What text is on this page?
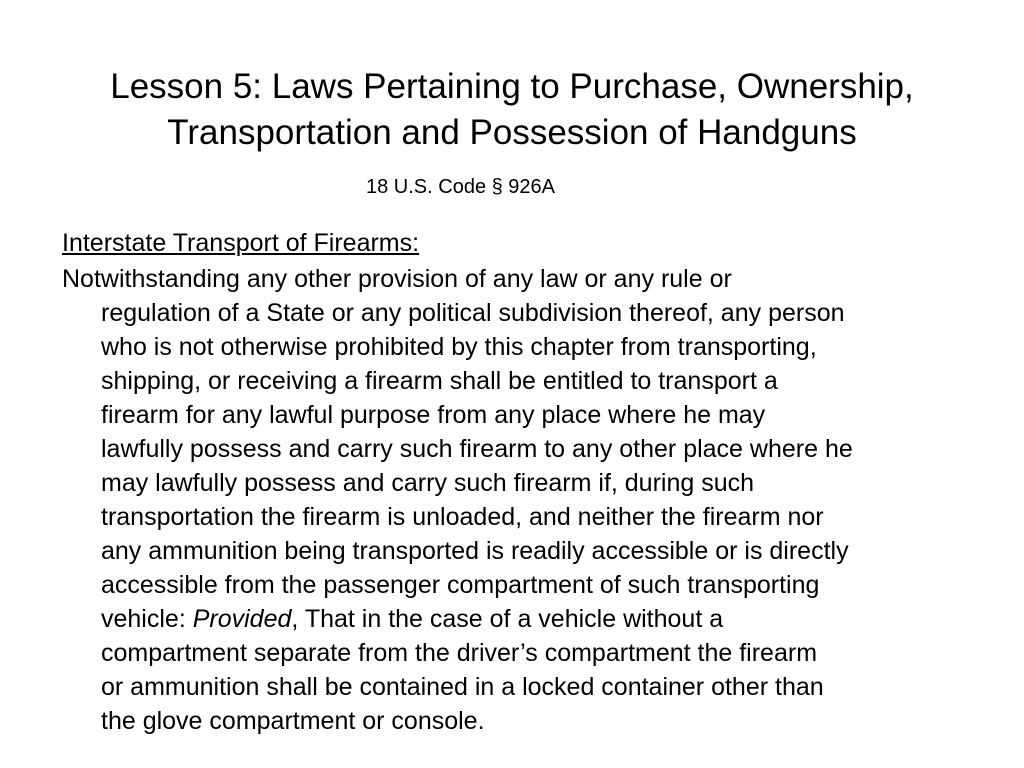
Lesson 5: Laws Pertaining to Purchase, Ownership,
Transportation and Possession of Handguns
18 U.S. Code § 926A
Interstate Transport of Firearms:
Notwithstanding any other provision of any law or any rule or
regulation of a State or any political subdivision thereof, any person
who is not otherwise prohibited by this chapter from transporting,
shipping, or receiving a firearm shall be entitled to transport a
firearm for any lawful purpose from any place where he may
lawfully possess and carry such firearm to any other place where he
may lawfully possess and carry such firearm if, during such
transportation the firearm is unloaded, and neither the firearm nor
any ammunition being transported is readily accessible or is directly
accessible from the passenger compartment of such transporting
vehicle: Provided, That in the case of a vehicle without a
compartment separate from the driver’s compartment the firearm
or ammunition shall be contained in a locked container other than
the glove compartment or console.
